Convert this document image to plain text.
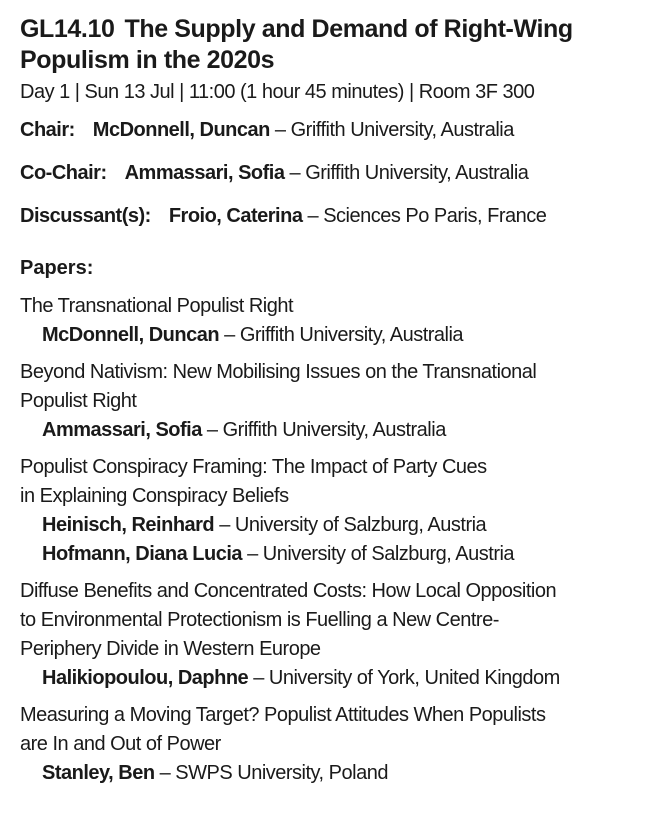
GL14.10 The Supply and Demand of Right-Wing
Populism in the 2020s
Day 1 | Sun 13 Jul | 11:00 (1 hour 45 minutes) | Room 3F 300
Chair: McDonnell, Duncan – Griffith University, Australia
Co-Chair: Ammassari, Sofia – Griffith University, Australia
Discussant(s): Froio, Caterina – Sciences Po Paris, France
Papers:
The Transnational Populist Right
McDonnell, Duncan – Griffith University, Australia
Beyond Nativism: New Mobilising Issues on the Transnational
Populist Right
Ammassari, Sofia – Griffith University, Australia
Populist Conspiracy Framing: The Impact of Party Cues
in Explaining Conspiracy Beliefs
Heinisch, Reinhard – University of Salzburg, Austria
Hofmann, Diana Lucia – University of Salzburg, Austria
Diffuse Benefits and Concentrated Costs: How Local Opposition
to Environmental Protectionism is Fuelling a New Centre-
Periphery Divide in Western Europe
Halikiopoulou, Daphne – University of York, United Kingdom
Measuring a Moving Target? Populist Attitudes When Populists
are In and Out of Power
Stanley, Ben – SWPS University, Poland
